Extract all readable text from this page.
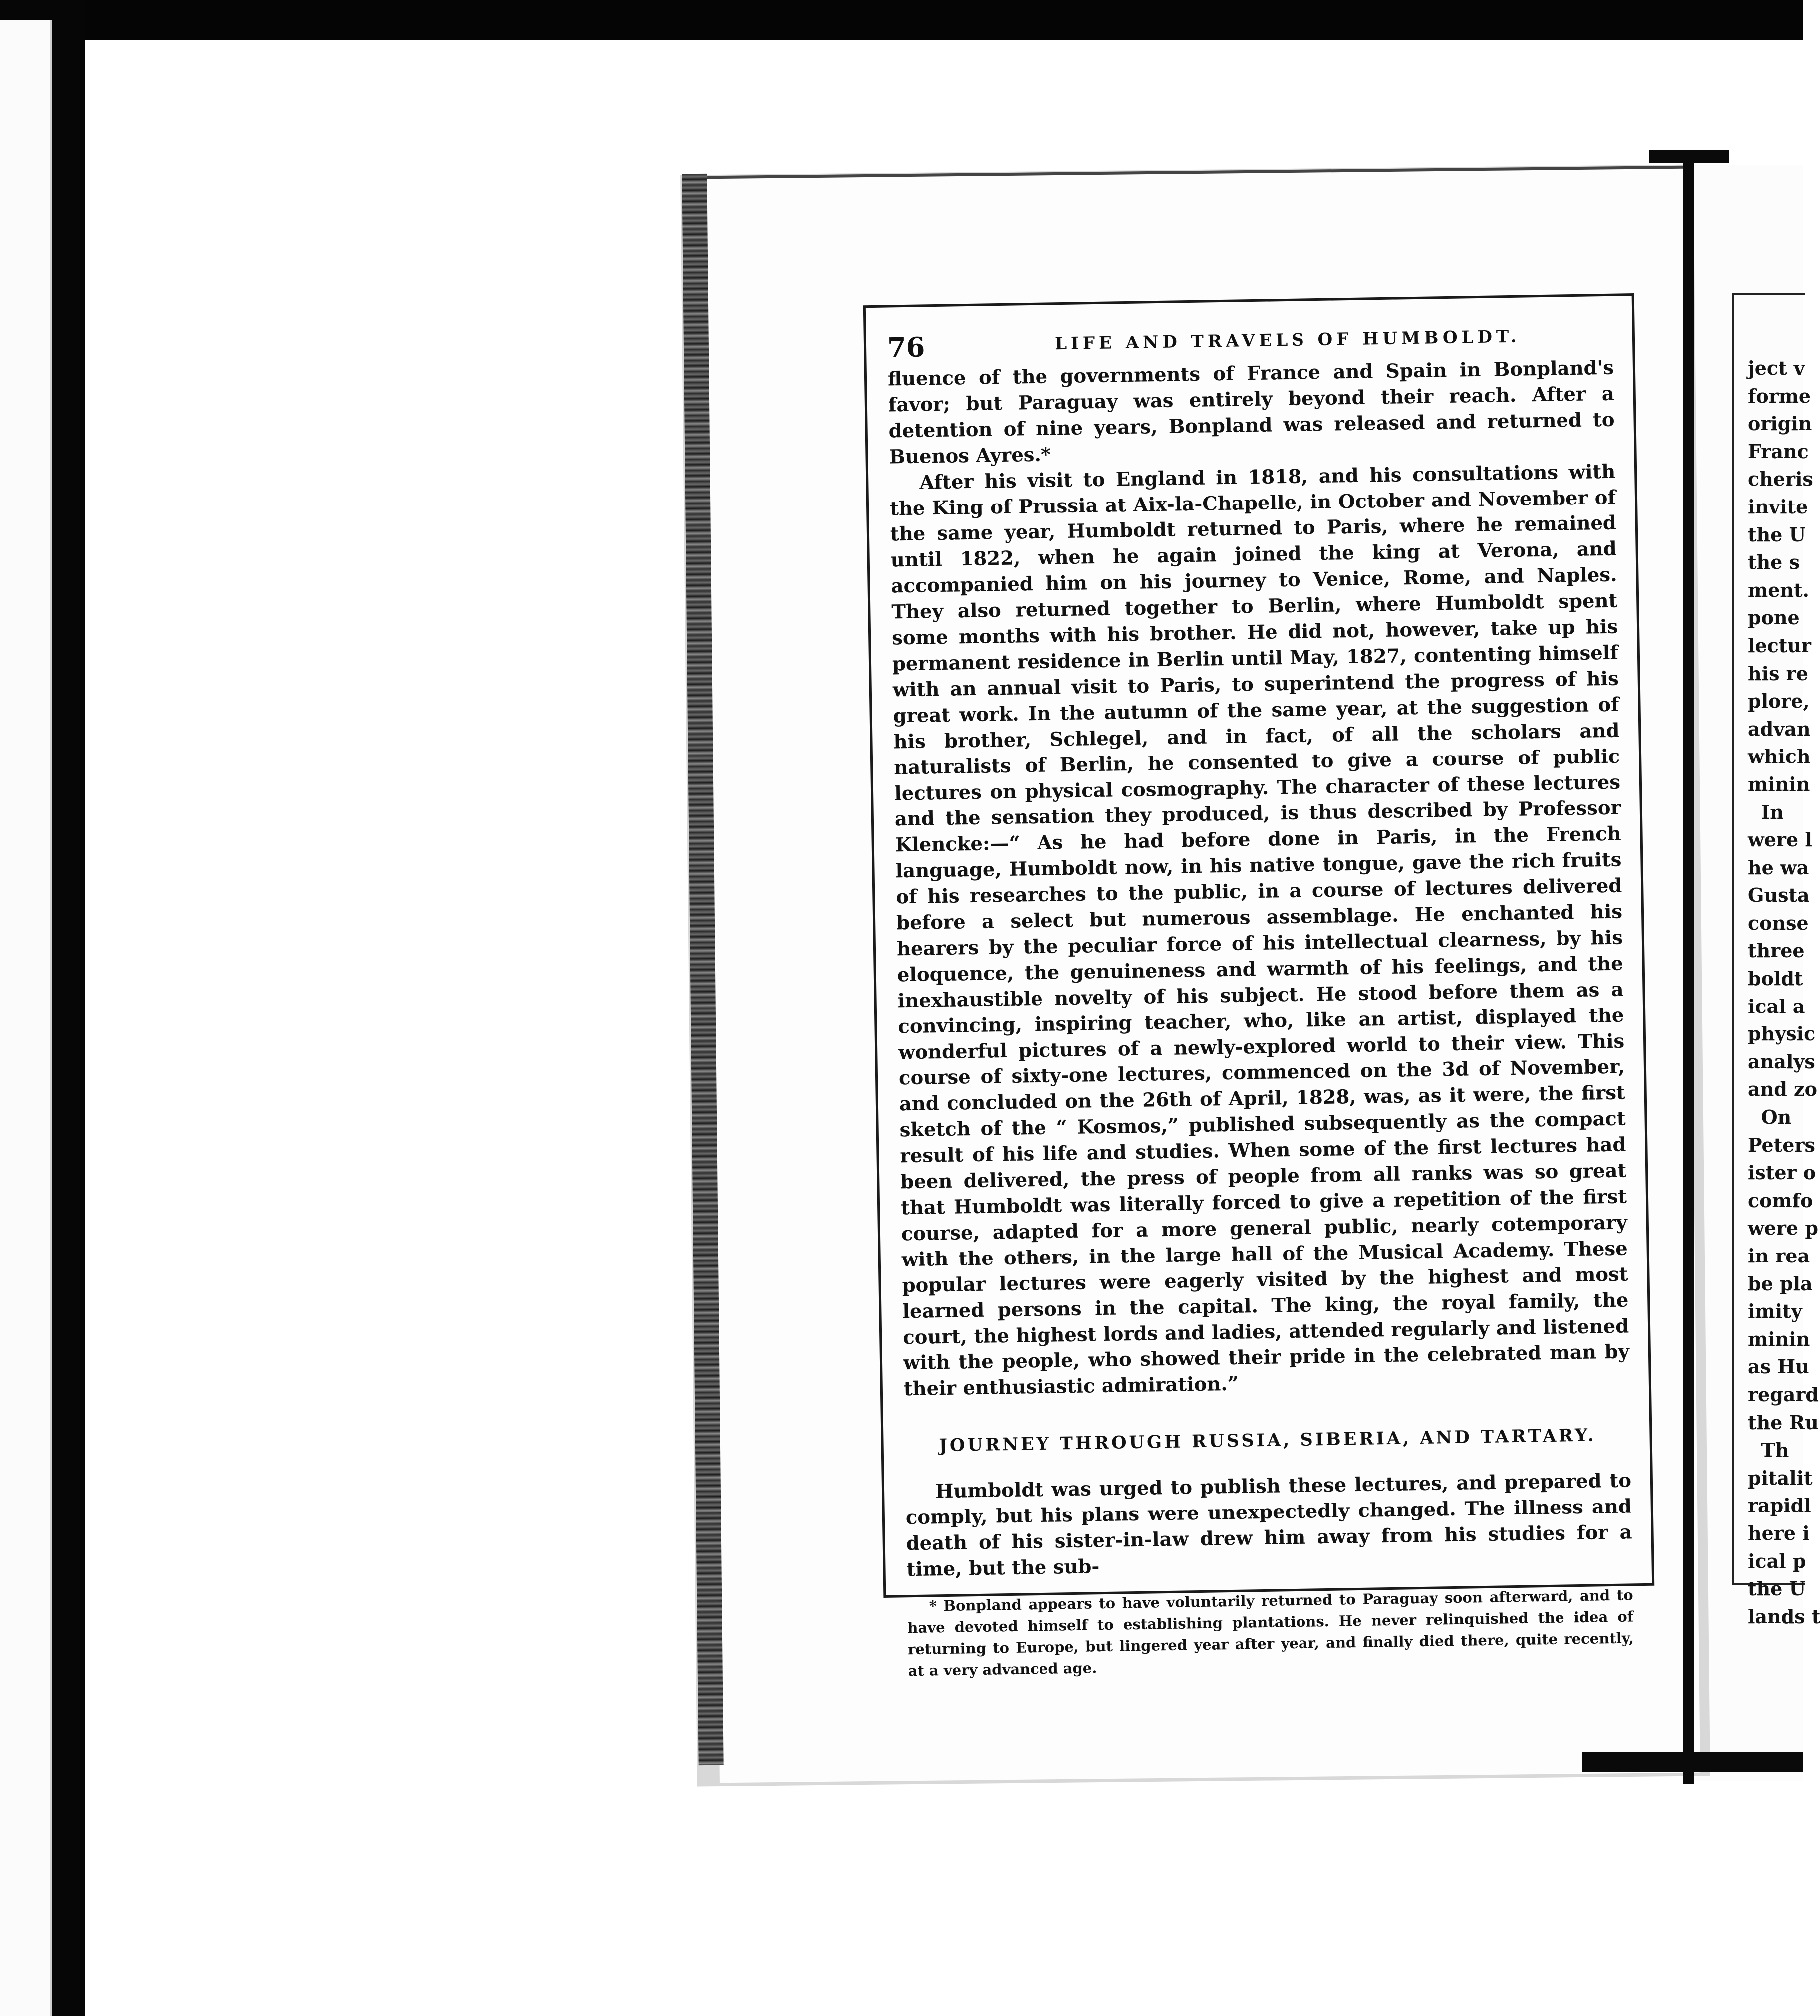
ject v
forme
origin
Franc
cheris
invite
the U
the s
ment.
pone
lectur
his re
plore,
advan
which
minin
In
were l
he wa
Gusta
conse
three
boldt
ical a
physic
analys
and zo
On
Peters
ister o
comfo
were p
in rea
be pla
imity
minin
as Hu
regard
the Ru
Th
pitalit
rapidl
here i
ical p
the U
lands t
76	LIFE AND TRAVELS OF HUMBOLDT.

fluence of the governments of France and Spain in Bonpland's favor; but Paraguay was entirely beyond their reach. After a detention of nine years, Bonpland was released and returned to Buenos Ayres.*

After his visit to England in 1818, and his consultations with the King of Prussia at Aix-la-Chapelle, in October and November of the same year, Humboldt returned to Paris, where he remained until 1822, when he again joined the king at Verona, and accompanied him on his journey to Venice, Rome, and Naples. They also returned together to Berlin, where Humboldt spent some months with his brother. He did not, however, take up his permanent residence in Berlin until May, 1827, contenting himself with an annual visit to Paris, to superintend the progress of his great work. In the autumn of the same year, at the suggestion of his brother, Schlegel, and in fact, of all the scholars and naturalists of Berlin, he consented to give a course of public lectures on physical cosmography. The character of these lectures and the sensation they produced, is thus described by Professor Klencke:—“ As he had before done in Paris, in the French language, Humboldt now, in his native tongue, gave the rich fruits of his researches to the public, in a course of lectures delivered before a select but numerous assemblage. He enchanted his hearers by the peculiar force of his intellectual clearness, by his eloquence, the genuineness and warmth of his feelings, and the inexhaustible novelty of his subject. He stood before them as a convincing, inspiring teacher, who, like an artist, displayed the wonderful pictures of a newly-explored world to their view. This course of sixty-one lectures, commenced on the 3d of November, and concluded on the 26th of April, 1828, was, as it were, the first sketch of the “ Kosmos,” published subsequently as the compact result of his life and studies. When some of the first lectures had been delivered, the press of people from all ranks was so great that Humboldt was literally forced to give a repetition of the first course, adapted for a more general public, nearly cotemporary with the others, in the large hall of the Musical Academy. These popular lectures were eagerly visited by the highest and most learned persons in the capital. The king, the royal family, the court, the highest lords and ladies, attended regularly and listened with the people, who showed their pride in the celebrated man by their enthusiastic admiration.”

JOURNEY THROUGH RUSSIA, SIBERIA, AND TARTARY.

Humboldt was urged to publish these lectures, and prepared to comply, but his plans were unexpectedly changed. The illness and death of his sister-in-law drew him away from his studies for a time, but the sub-

* Bonpland appears to have voluntarily returned to Paraguay soon afterward, and to have devoted himself to establishing plantations. He never relinquished the idea of returning to Europe, but lingered year after year, and finally died there, quite recently, at a very advanced age.
